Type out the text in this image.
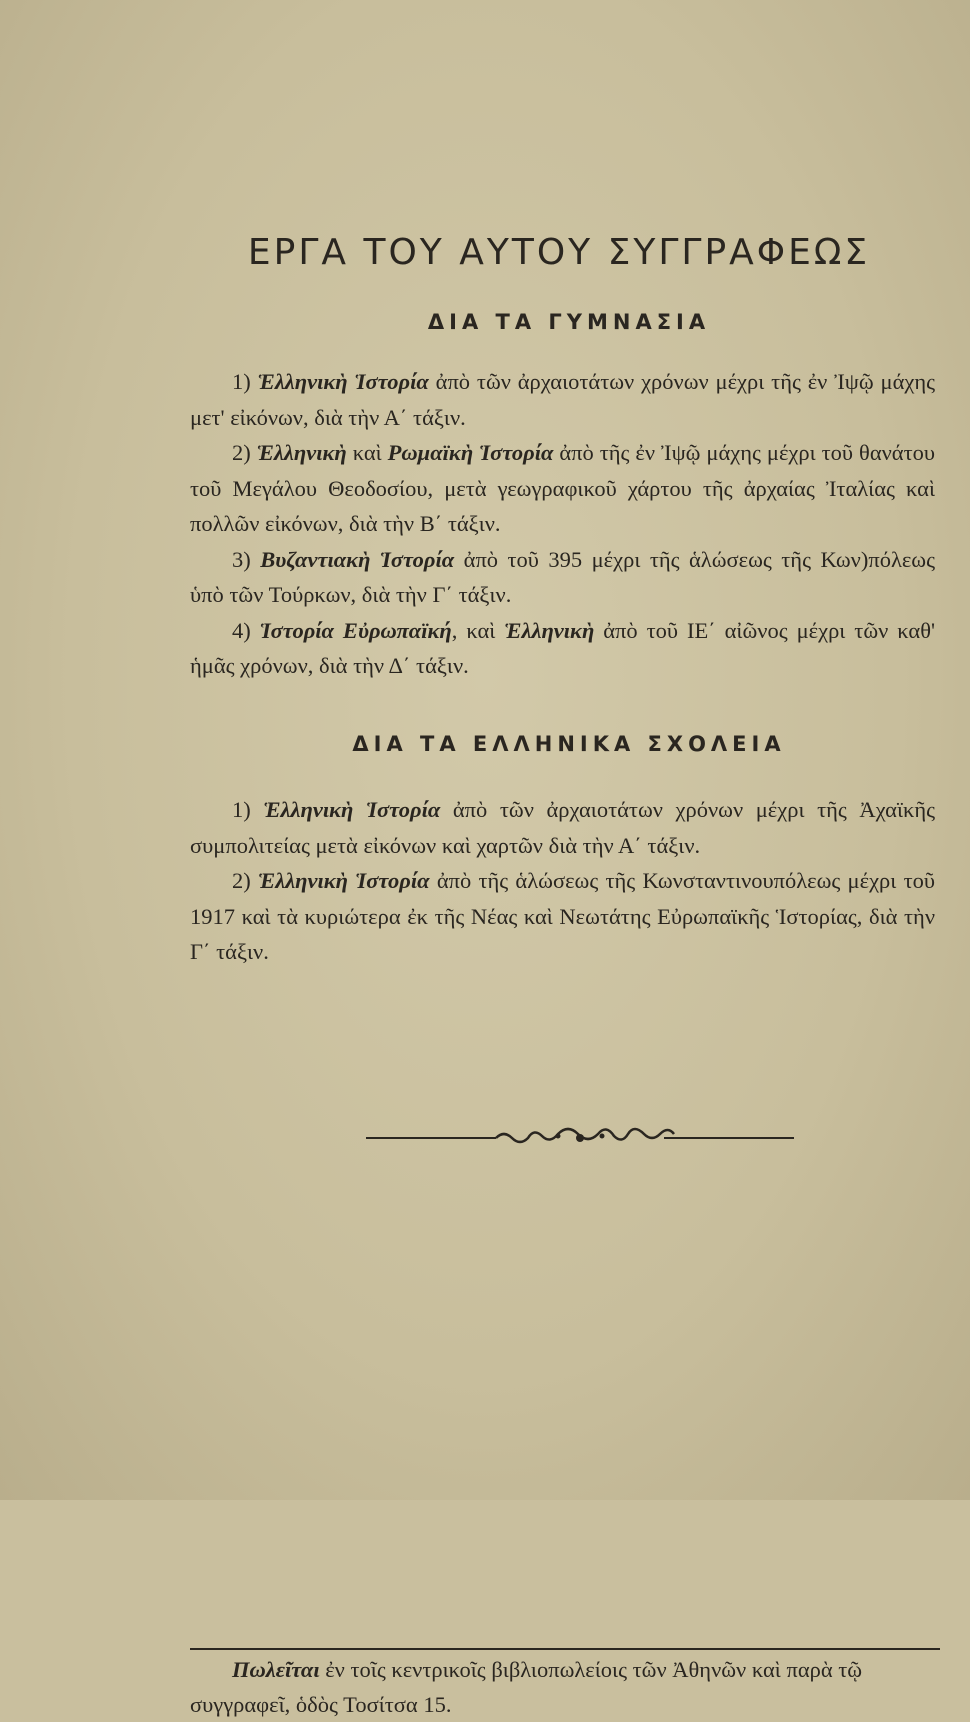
ΕΡΓΑ ΤΟΥ ΑΥΤΟΥ ΣΥΓΓΡΑΦΕΩΣ
ΔΙΑ ΤΑ ΓΥΜΝΑΣΙΑ

1) Ἑλληνικὴ Ἱστορία ἀπὸ τῶν ἀρχαιοτάτων χρόνων μέχρι τῆς ἐν Ἰψῷ μάχης μετ' εἰκόνων, διὰ τὴν Α΄ τάξιν.

2) Ἑλληνικὴ καὶ Ρωμαϊκὴ Ἱστορία ἀπὸ τῆς ἐν Ἰψῷ μάχης μέχρι τοῦ θανάτου τοῦ Μεγάλου Θεοδοσίου, μετὰ γεωγραφικοῦ χάρτου τῆς ἀρχαίας Ἰταλίας καὶ πολλῶν εἰκόνων, διὰ τὴν Β΄ τάξιν.

3) Βυζαντιακὴ Ἱστορία ἀπὸ τοῦ 395 μέχρι τῆς ἁλώσεως τῆς Κων)πόλεως ὑπὸ τῶν Τούρκων, διὰ τὴν Γ΄ τάξιν.

4) Ἱστορία Εὐρωπαϊκή, καὶ Ἑλληνικὴ ἀπὸ τοῦ ΙΕ΄ αἰῶνος μέχρι τῶν καθ' ἡμᾶς χρόνων, διὰ τὴν Δ΄ τάξιν.

ΔΙΑ ΤΑ ΕΛΛΗΝΙΚΑ ΣΧΟΛΕΙΑ

1) Ἑλληνικὴ Ἱστορία ἀπὸ τῶν ἀρχαιοτάτων χρόνων μέχρι τῆς Ἀχαϊκῆς συμπολιτείας μετὰ εἰκόνων καὶ χαρτῶν διὰ τὴν Α΄ τάξιν.

2) Ἑλληνικὴ Ἱστορία ἀπὸ τῆς ἁλώσεως τῆς Κωνσταντινουπόλεως μέχρι τοῦ 1917 καὶ τὰ κυριώτερα ἐκ τῆς Νέας καὶ Νεωτάτης Εὐρωπαϊκῆς Ἱστορίας, διὰ τὴν Γ΄ τάξιν.

Πωλεῖται ἐν τοῖς κεντρικοῖς βιβλιοπωλείοις τῶν Ἀθηνῶν καὶ παρὰ τῷ συγγραφεῖ, ὁδὸς Τοσίτσα 15.
